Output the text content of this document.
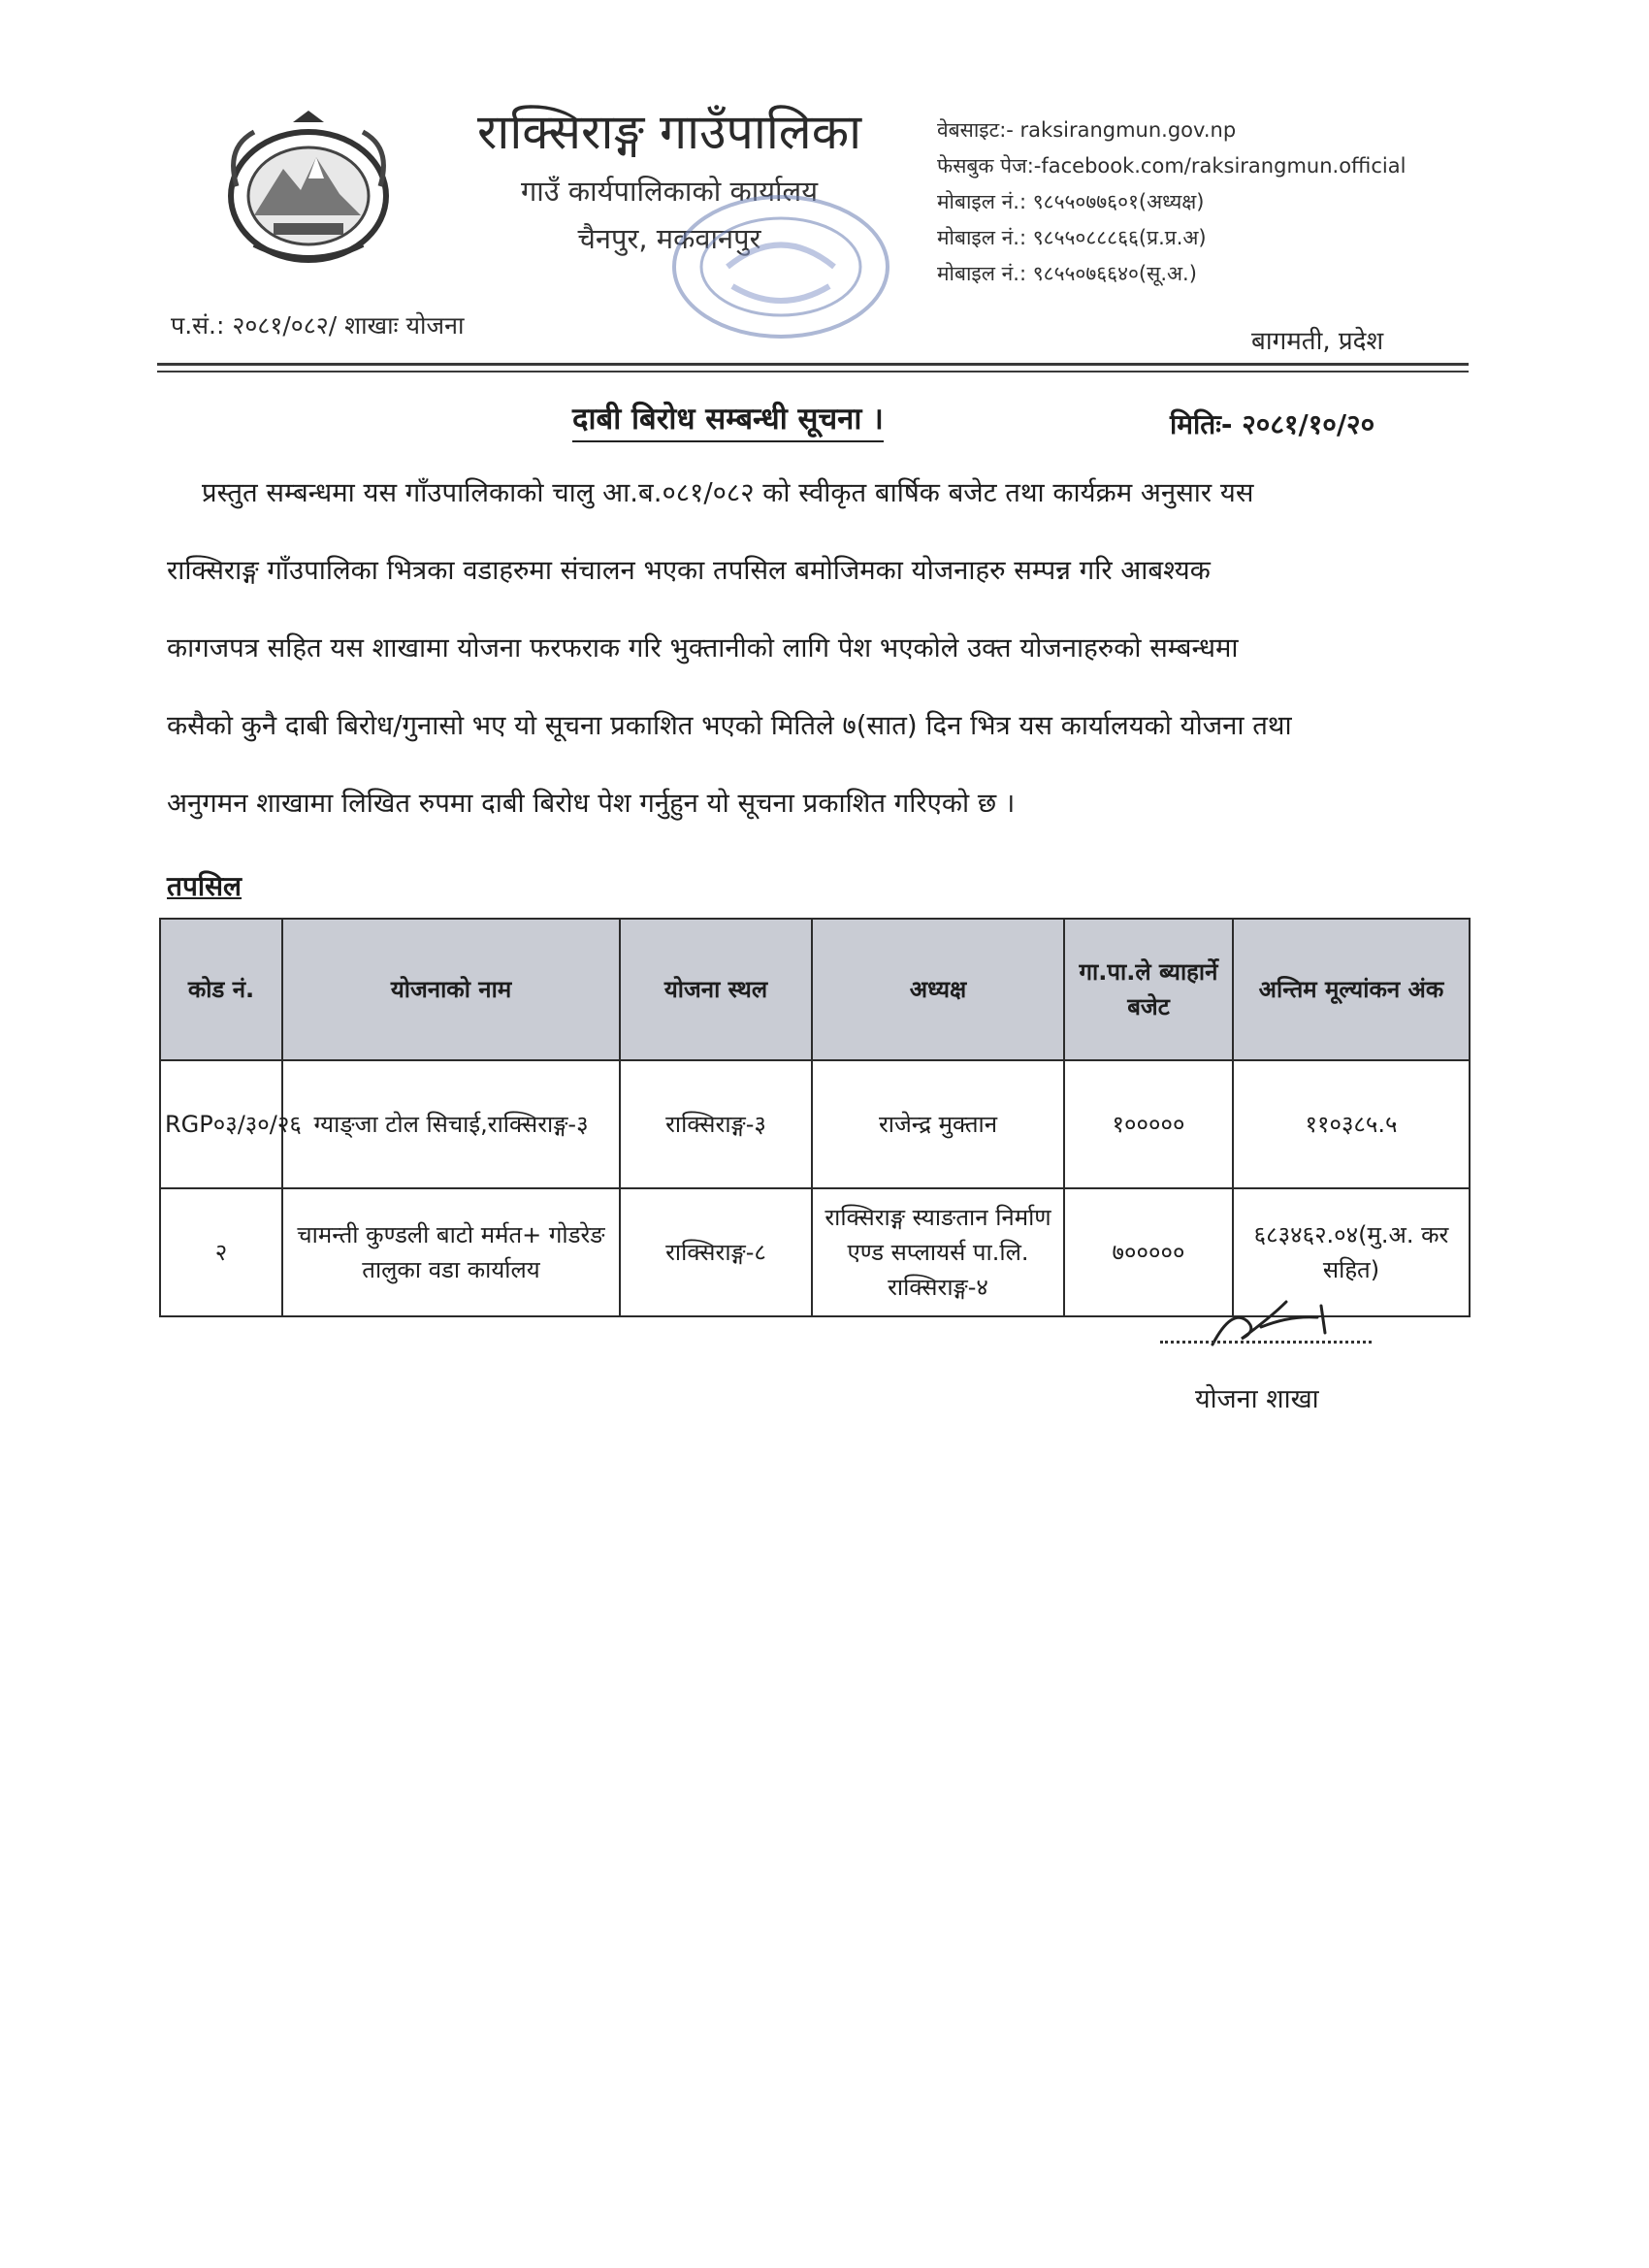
राक्सिराङ्ग गाउँपालिका
गाउँ कार्यपालिकाको कार्यालय
चैनपुर, मकवानपुर
वेबसाइट:- raksirangmun.gov.np
फेसबुक पेज:-facebook.com/raksirangmun.official
मोबाइल नं.: ९८५५०७७६०१(अध्यक्ष)
मोबाइल नं.: ९८५५०८८८६६(प्र.प्र.अ)
मोबाइल नं.: ९८५५०७६६४०(सू.अ.)
प.सं.: २०८१/०८२/ शाखाः योजना
बागमती, प्रदेश
दाबी बिरोध सम्बन्धी सूचना ।	मितिः- २०८१/१०/२०
प्रस्तुत सम्बन्धमा यस गाँउपालिकाको चालु आ.ब.०८१/०८२ को स्वीकृत बार्षिक बजेट तथा कार्यक्रम अनुसार यस
राक्सिराङ्ग गाँउपालिका भित्रका वडाहरुमा संचालन भएका तपसिल बमोजिमका योजनाहरु सम्पन्न गरि आबश्यक
कागजपत्र सहित यस शाखामा योजना फरफराक गरि भुक्तानीको लागि पेश भएकोले उक्त योजनाहरुको सम्बन्धमा
कसैको कुनै दाबी बिरोध/गुनासो भए यो सूचना प्रकाशित भएको मितिले ७(सात) दिन भित्र यस कार्यालयको योजना तथा
अनुगमन शाखामा लिखित रुपमा दाबी बिरोध पेश गर्नुहुन यो सूचना प्रकाशित गरिएको छ ।
तपसिल
कोड नं.	योजनाको नाम	योजना स्थल	अध्यक्ष	गा.पा.ले ब्याहार्ने बजेट	अन्तिम मूल्यांकन अंक
RGP०३/३०/२६	ग्याङ्जा टोल सिचाई,राक्सिराङ्ग-३	राक्सिराङ्ग-३	राजेन्द्र मुक्तान	१०००००	११०३८५.५
२	चामन्ती कुण्डली बाटो मर्मत+ गोडरेङ तालुका वडा कार्यालय	राक्सिराङ्ग-८	राक्सिराङ्ग स्याङतान निर्माण एण्ड सप्लायर्स पा.लि. राक्सिराङ्ग-४	७०००००	६८३४६२.०४(मु.अ. कर सहित)
योजना शाखा
